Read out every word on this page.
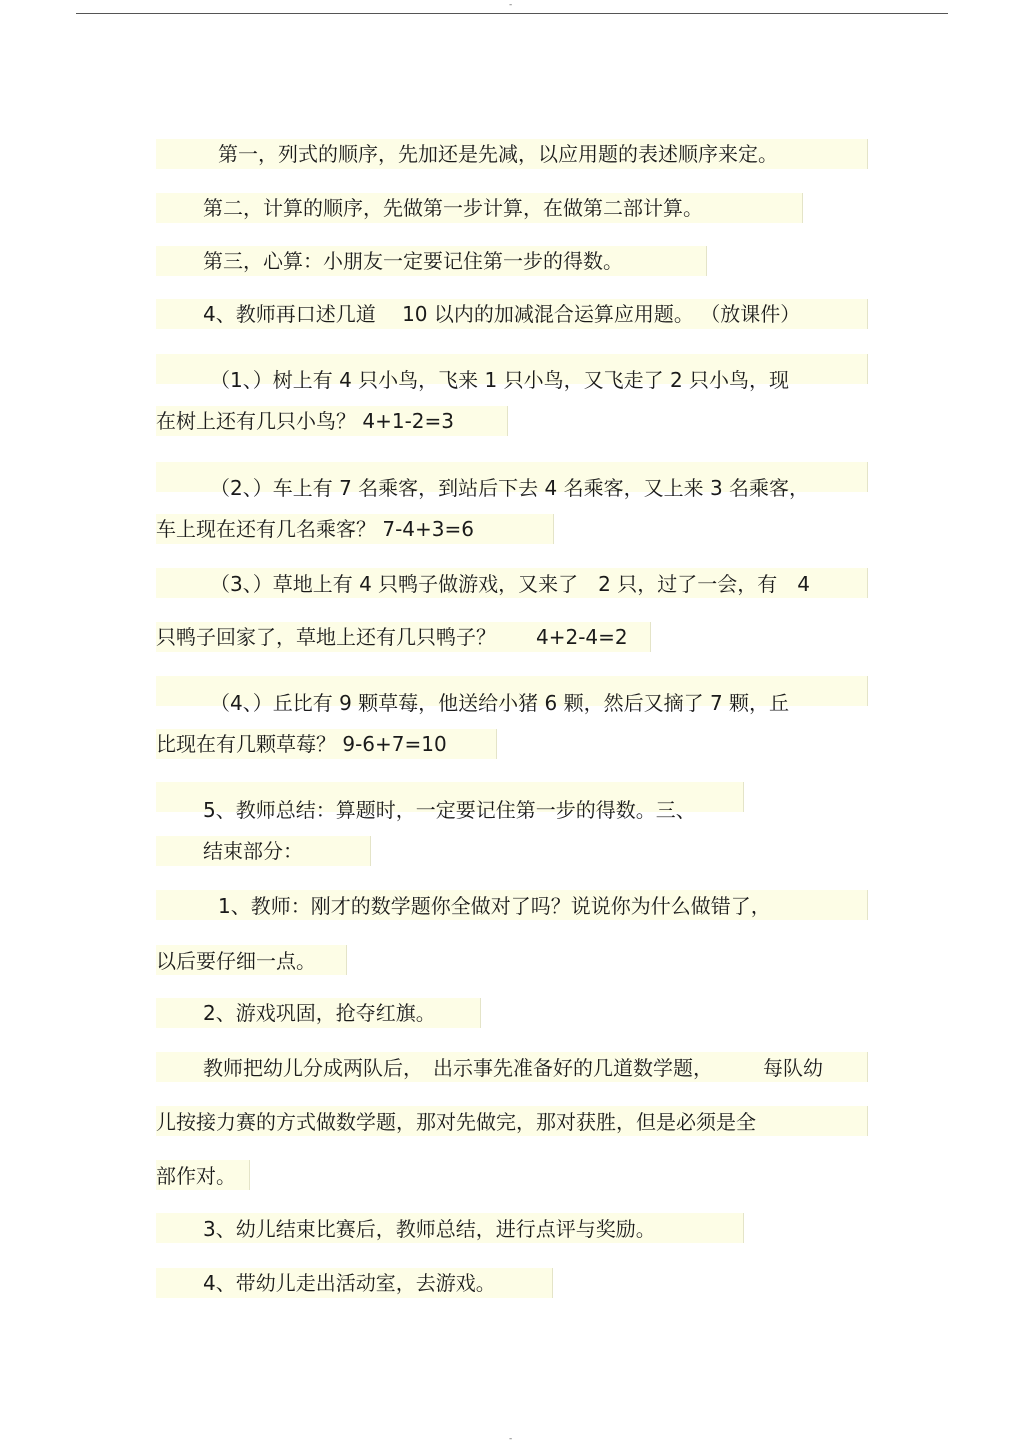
-
第一，列式的顺序，先加还是先减，以应用题的表述顺序来定。
第二，计算的顺序，先做第一步计算，在做第二部计算。
第三，心算：小朋友一定要记住第一步的得数。
4、教师再口述几道　 10 以内的加减混合运算应用题。 （放课件）
（1、）树上有 4 只小鸟，飞来 1 只小鸟，又飞走了 2 只小鸟，现
在树上还有几只小鸟？ 4+1-2=3
（2、）车上有 7 名乘客，到站后下去 4 名乘客，又上来 3 名乘客，
车上现在还有几名乘客？ 7-4+3=6
（3、）草地上有 4 只鸭子做游戏，又来了　2 只，过了一会，有　4
只鸭子回家了，草地上还有几只鸭子？　　4+2-4=2
（4、）丘比有 9 颗草莓，他送给小猪 6 颗，然后又摘了 7 颗，丘
比现在有几颗草莓？ 9-6+7=10
5、教师总结：算题时，一定要记住第一步的得数。三、
结束部分：
1、教师：刚才的数学题你全做对了吗？说说你为什么做错了，
以后要仔细一点。
2、游戏巩固，抢夺红旗。
教师把幼儿分成两队后，　出示事先准备好的几道数学题，　　　每队幼
儿按接力赛的方式做数学题，那对先做完，那对获胜，但是必须是全
部作对。
3、幼儿结束比赛后，教师总结，进行点评与奖励。
4、带幼儿走出活动室，去游戏。
-
